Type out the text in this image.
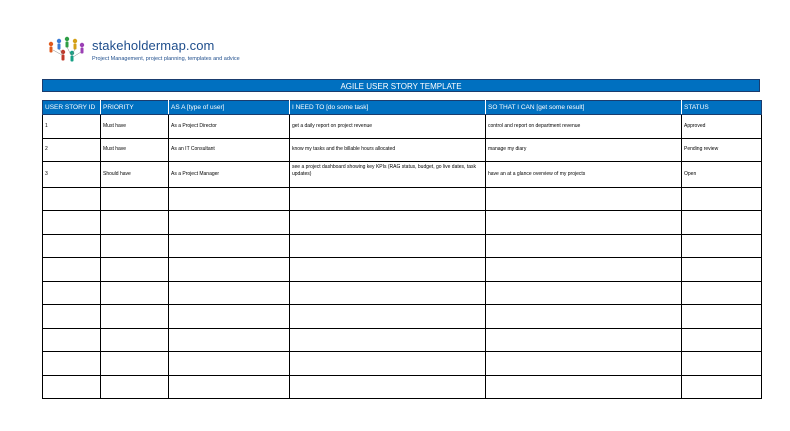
stakeholdermap.com
Project Management, project planning, templates and advice
AGILE USER STORY TEMPLATE
USER STORY ID	PRIORITY	AS A [type of user]	I NEED TO [do some task]	SO THAT I CAN [get some result]	STATUS
1	Must have	As a Project Director	get a daily report on project revenue	control and report on department revenue	Approved
2	Must have	As an IT Consultant	know my tasks and the billable hours allocated	manage my diary	Pending review
3	Should have	As a Project Manager	see a project dashboard showing key KPIs (RAG status, budget, go live dates, task updates)	have an at a glance overview of my projects	Open
